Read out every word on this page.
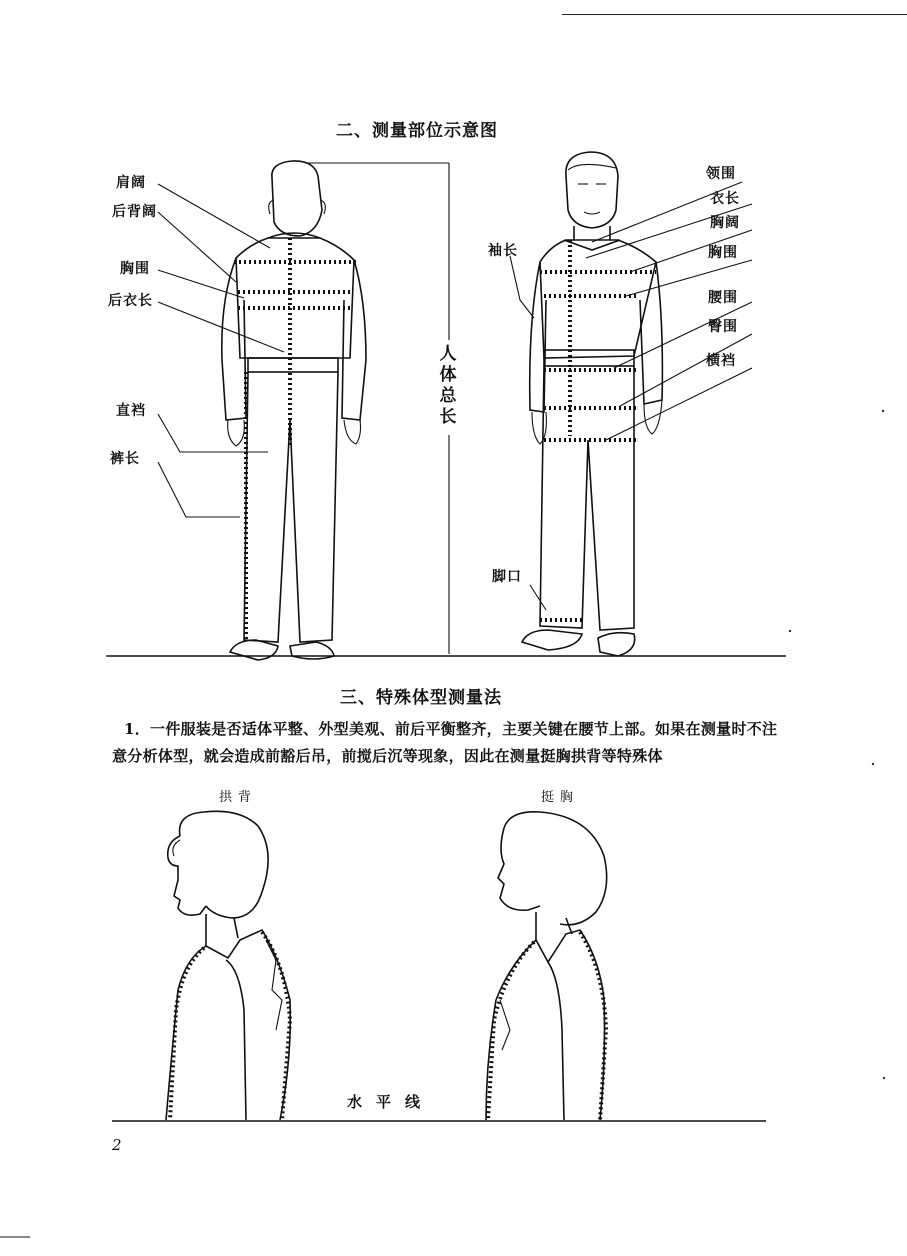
二、测量部位示意图
肩阔
后背阔
胸围
后衣长
直裆
裤长
人
体
总
长
领围
衣长
胸阔
胸围
腰围
臀围
横裆
袖长
脚口
三、特殊体型测量法

1．一件服装是否适体平整、外型美观、前后平衡整齐，主要关键在腰节上部。如果在测量时不注意分析体型，就会造成前豁后吊，前搅后沉等现象，因此在测量挺胸拱背等特殊体

拱背	挺胸
水平线
2
